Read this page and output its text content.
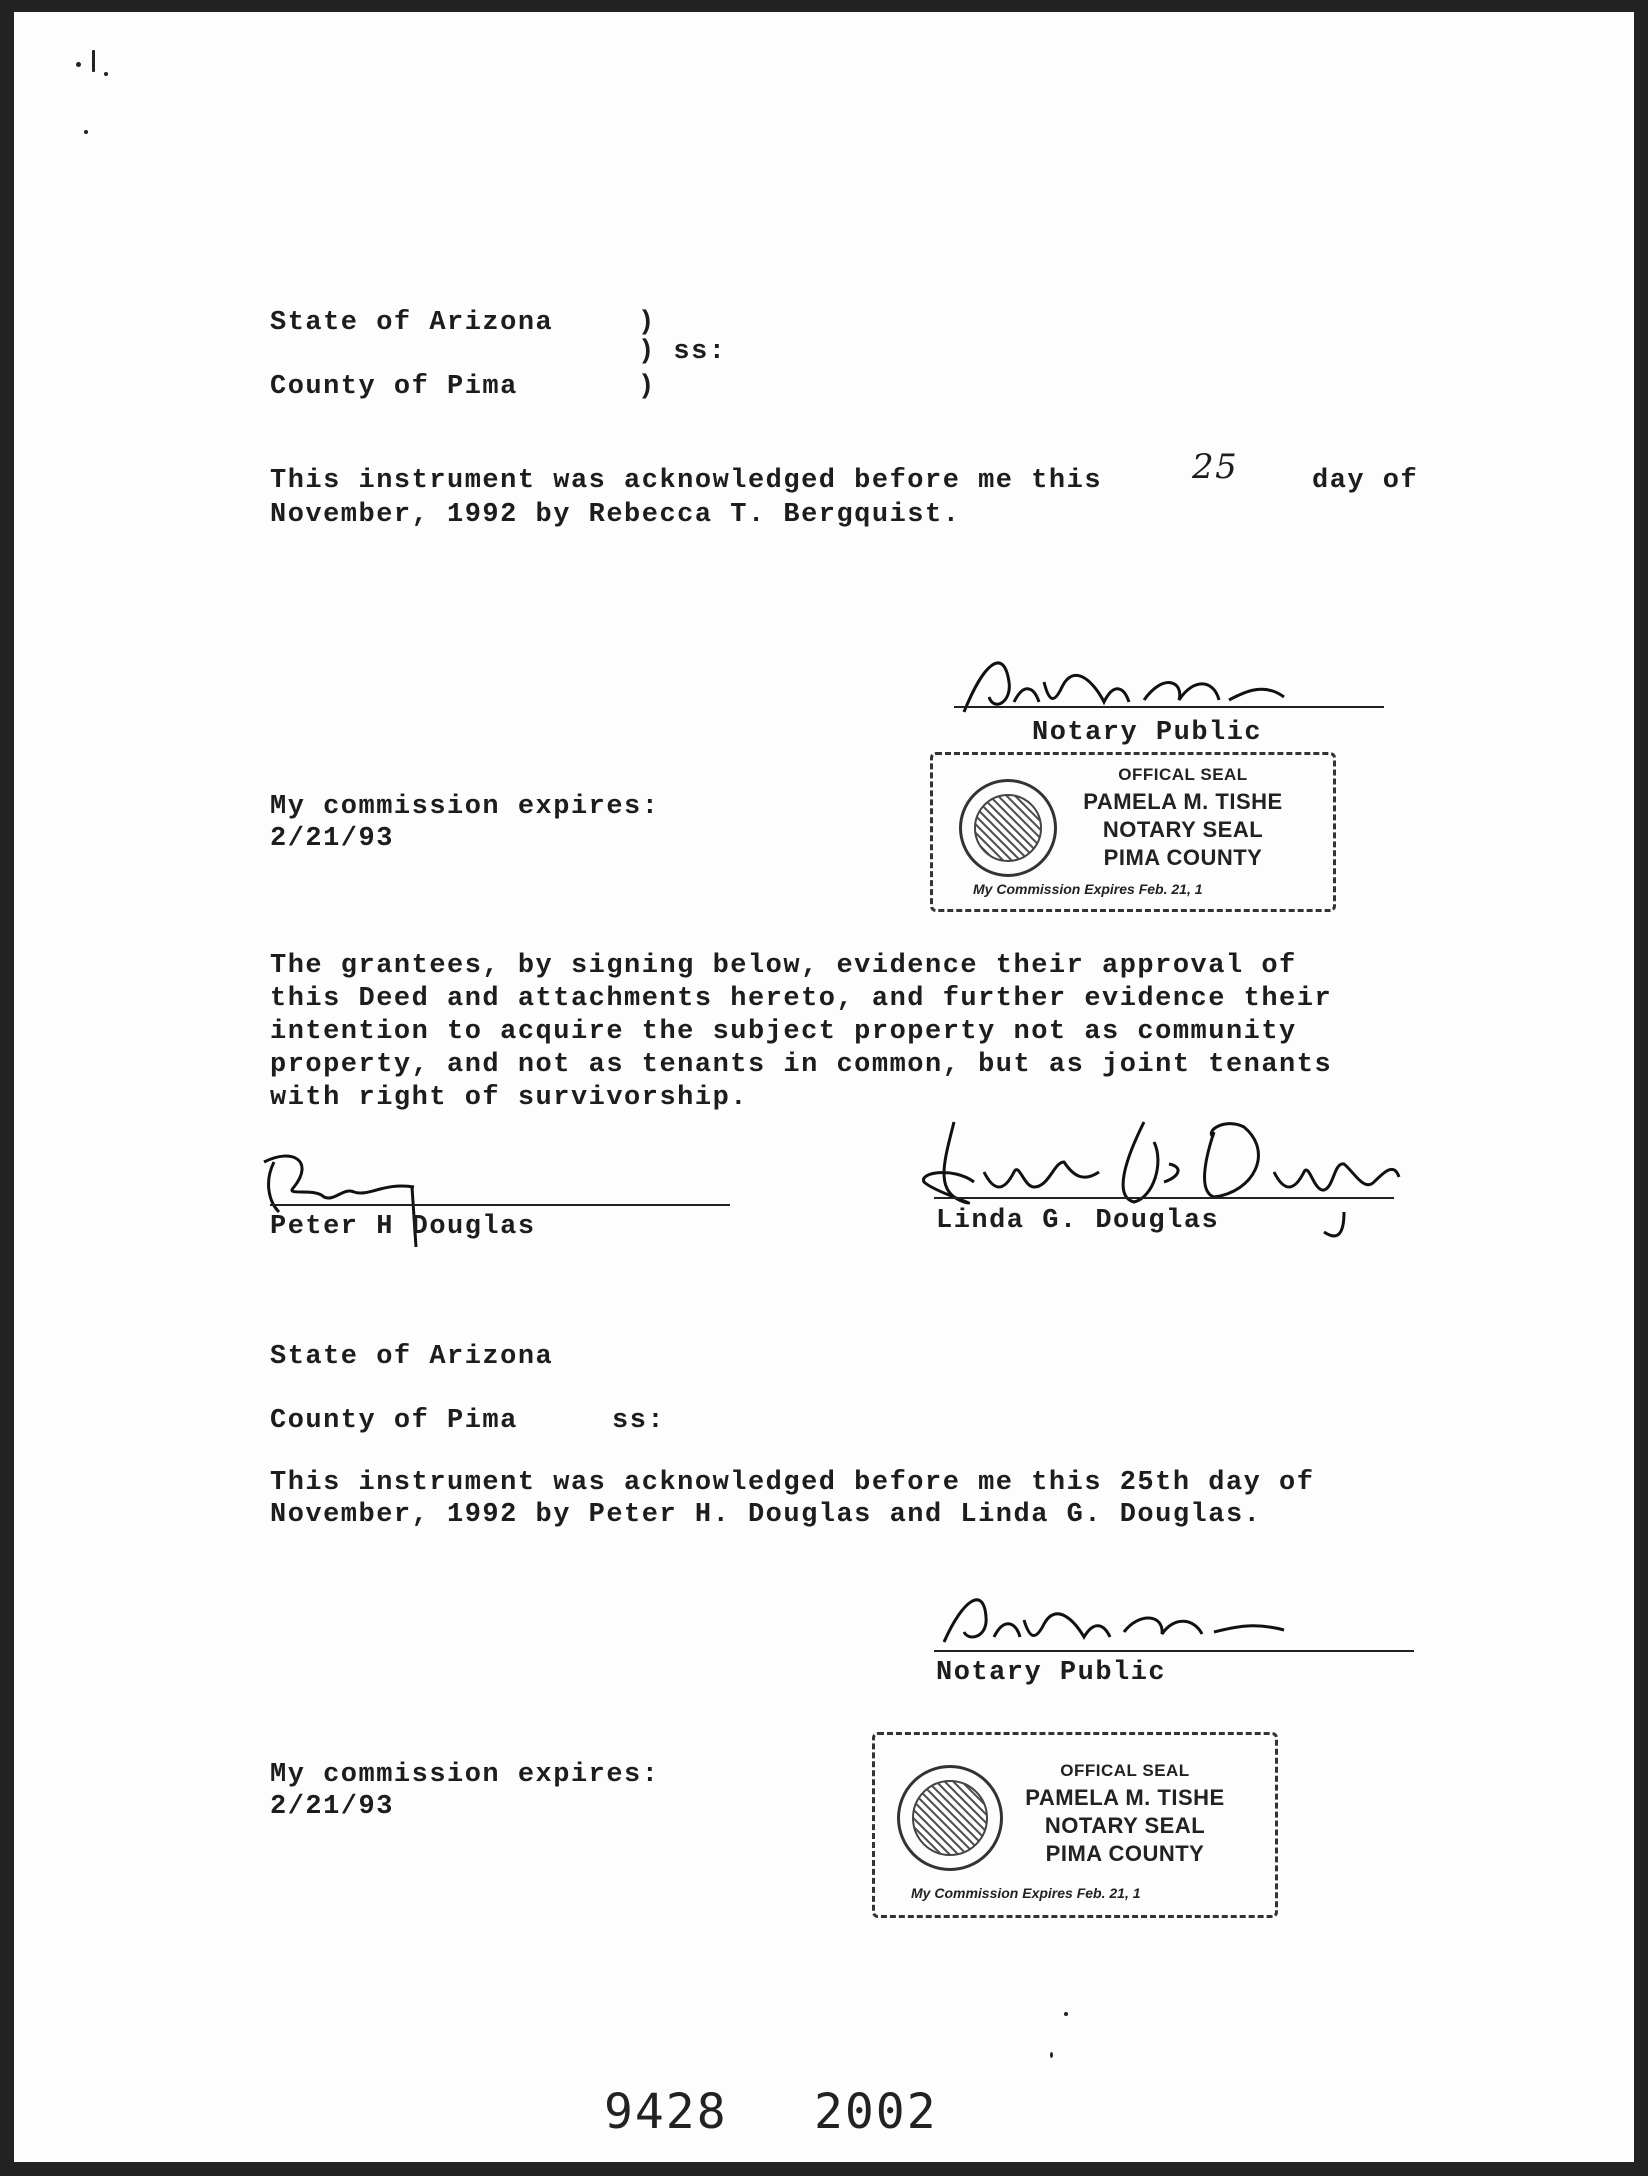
State of Arizona	)
) ss:
County of Pima	)
This instrument was acknowledged before me this	25	day of
November, 1992 by Rebecca T. Bergquist.
Notary Public
My commission expires:
2/21/93
OFFICAL SEAL
PAMELA M. TISHE
NOTARY SEAL
PIMA COUNTY
My Commission Expires Feb. 21, 1
The grantees, by signing below, evidence their approval of
this Deed and attachments hereto, and further evidence their
intention to acquire the subject property not as community
property, and not as tenants in common, but as joint tenants
with right of survivorship.
Peter H Douglas	Linda G. Douglas
State of Arizona
County of Pima	ss:
This instrument was acknowledged before me this 25th day of
November, 1992 by Peter H. Douglas and Linda G. Douglas.
Notary Public
My commission expires:
2/21/93
OFFICAL SEAL
PAMELA M. TISHE
NOTARY SEAL
PIMA COUNTY
My Commission Expires Feb. 21, 1
9428 2002
